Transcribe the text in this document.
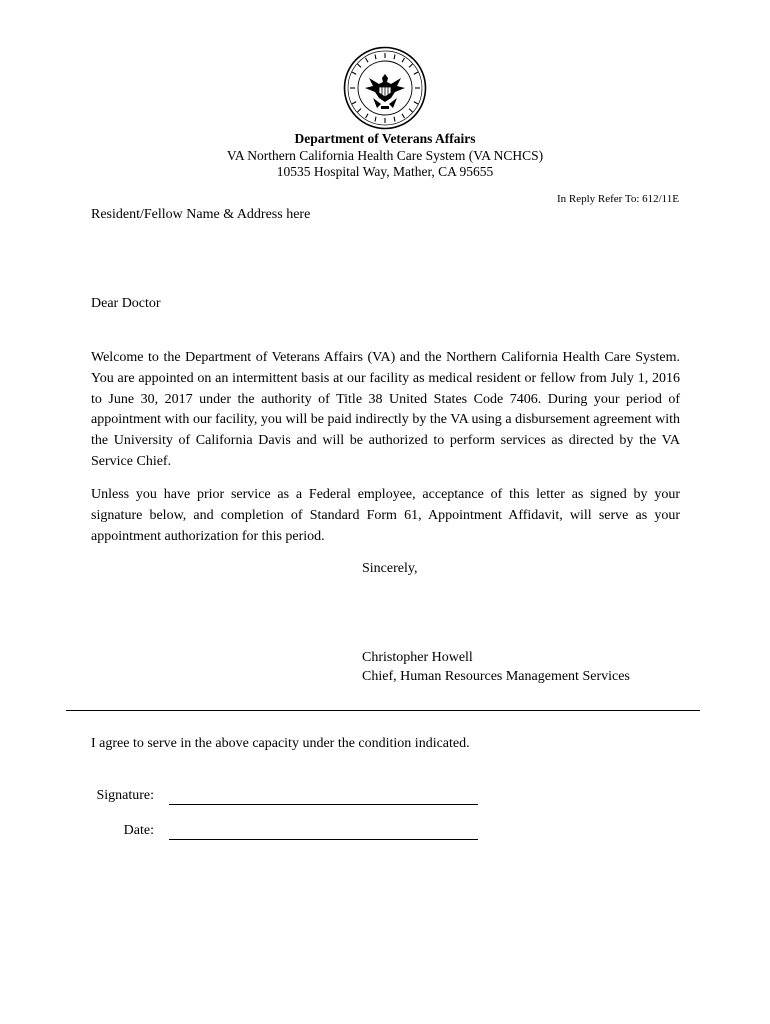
Department of Veterans Affairs
VA Northern California Health Care System (VA NCHCS)
10535 Hospital Way, Mather, CA 95655
In Reply Refer To: 612/11E
Resident/Fellow Name & Address here
Dear Doctor

Welcome to the Department of Veterans Affairs (VA) and the Northern California Health Care System. You are appointed on an intermittent basis at our facility as medical resident or fellow from July 1, 2016 to June 30, 2017 under the authority of Title 38 United States Code 7406. During your period of appointment with our facility, you will be paid indirectly by the VA using a disbursement agreement with the University of California Davis and will be authorized to perform services as directed by the VA Service Chief.

Unless you have prior service as a Federal employee, acceptance of this letter as signed by your signature below, and completion of Standard Form 61, Appointment Affidavit, will serve as your appointment authorization for this period.

Sincerely,
Christopher Howell
Chief, Human Resources Management Services
I agree to serve in the above capacity under the condition indicated.
Signature:
Date:
